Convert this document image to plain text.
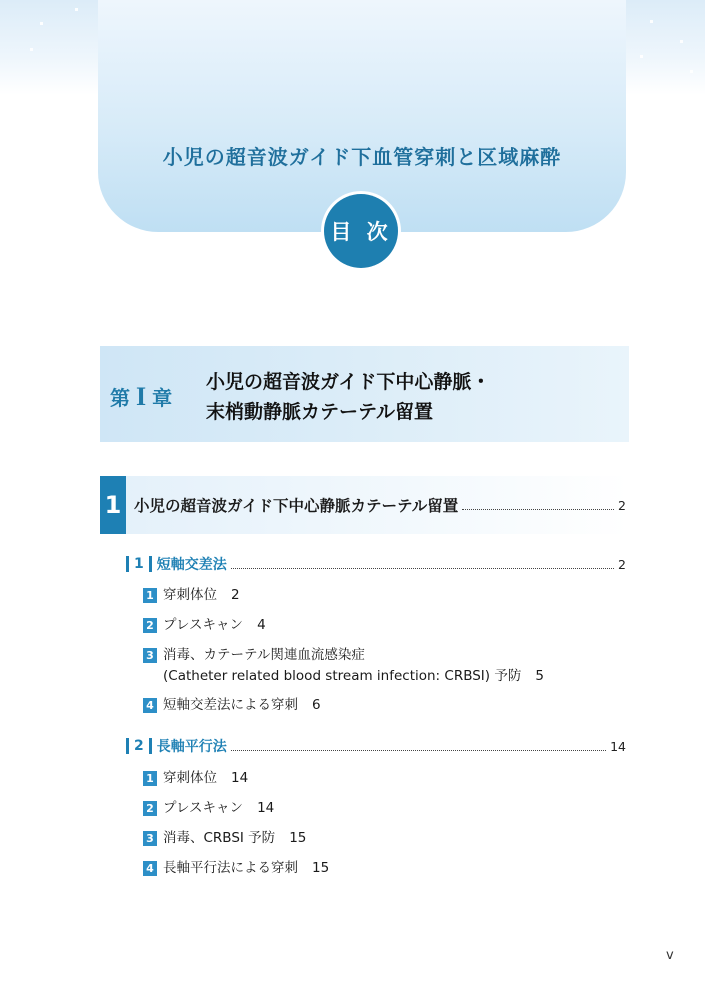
小児の超音波ガイド下血管穿刺と区域麻酔
目 次
第 I 章
小児の超音波ガイド下中心静脈・
末梢動静脈カテーテル留置
1 小児の超音波ガイド下中心静脈カテーテル留置	2
1 短軸交差法	2
1 穿刺体位 2
2 プレスキャン 4
3 消毒、カテーテル関連血流感染症
(Catheter related blood stream infection: CRBSI) 予防 5
4 短軸交差法による穿刺 6
2 長軸平行法	14
1 穿刺体位 14
2 プレスキャン 14
3 消毒、CRBSI 予防 15
4 長軸平行法による穿刺 15
v
